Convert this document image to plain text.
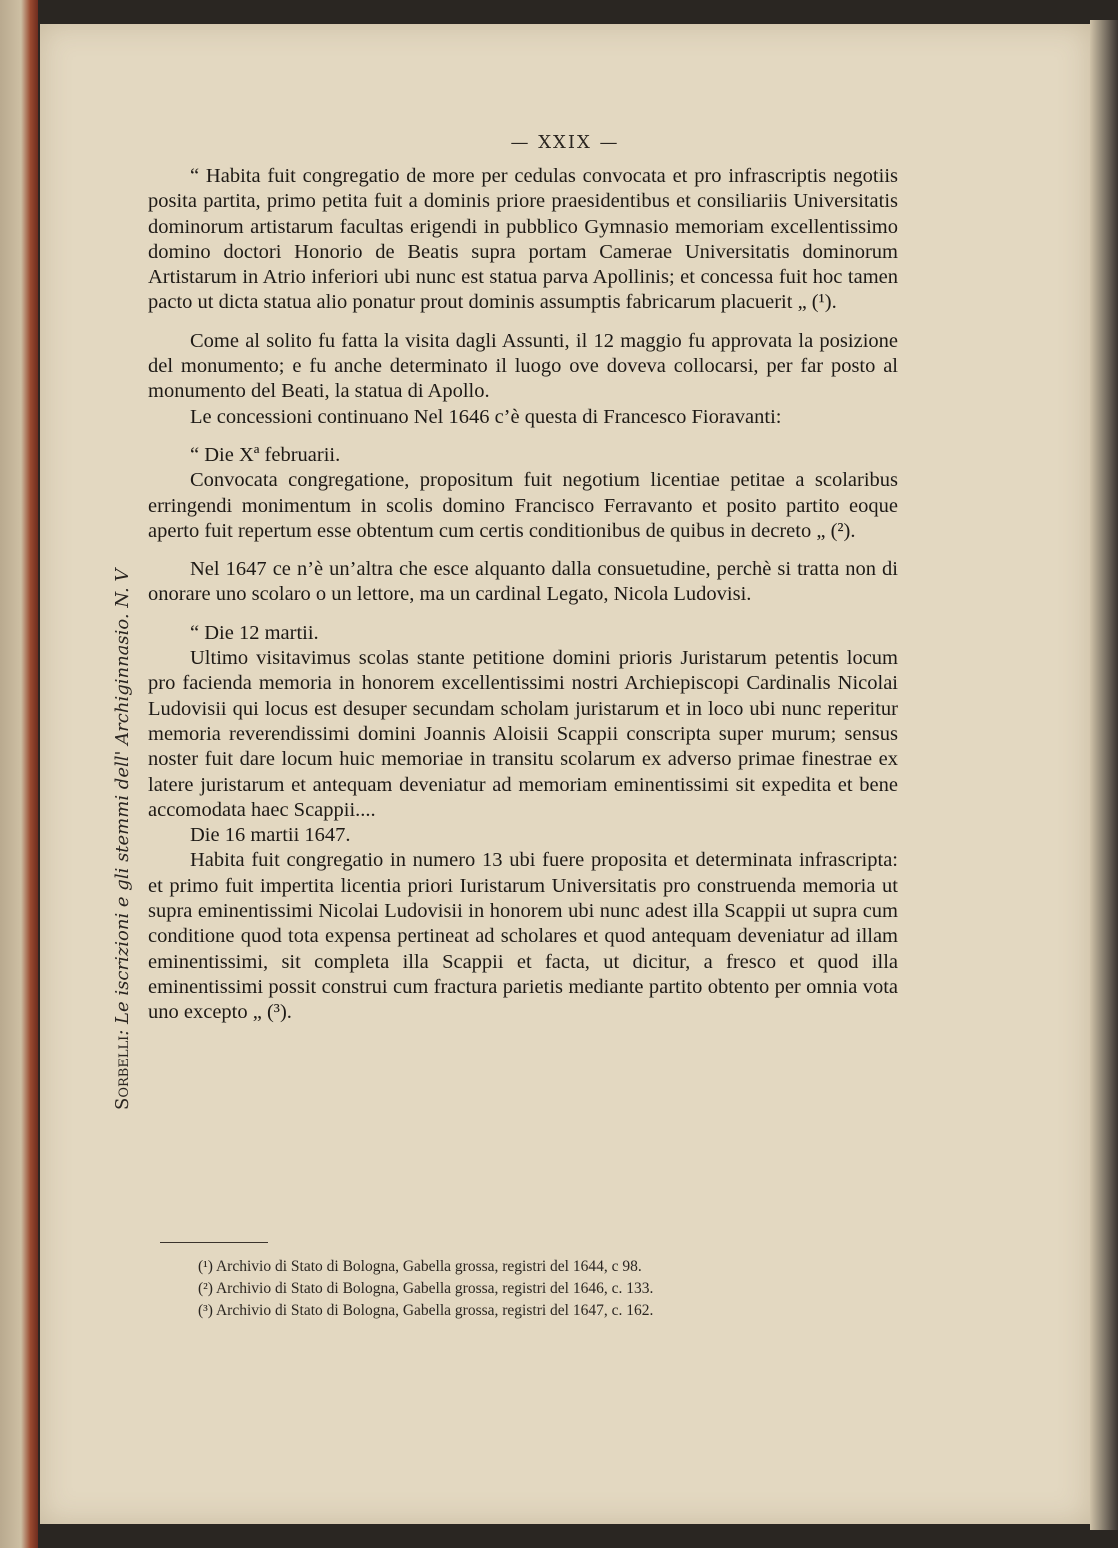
— XXIX —
Sorbelli: Le iscrizioni e gli stemmi dell' Archiginnasio. N. V

“ Habita fuit congregatio de more per cedulas convocata et pro infrascriptis negotiis posita partita, primo petita fuit a dominis priore praesidentibus et consiliariis Universitatis dominorum artistarum facultas erigendi in pubblico Gymnasio memoriam excellentissimo domino doctori Honorio de Beatis supra portam Camerae Universitatis dominorum Artistarum in Atrio inferiori ubi nunc est statua parva Apollinis; et concessa fuit hoc tamen pacto ut dicta statua alio ponatur prout dominis assumptis fabricarum placuerit „ (¹).

Come al solito fu fatta la visita dagli Assunti, il 12 maggio fu approvata la posizione del monumento; e fu anche determinato il luogo ove doveva collocarsi, per far posto al monumento del Beati, la statua di Apollo.

Le concessioni continuano Nel 1646 c’è questa di Francesco Fioravanti:

“ Die Xª februarii.

Convocata congregatione, propositum fuit negotium licentiae petitae a scolaribus erringendi monimentum in scolis domino Francisco Ferravanto et posito partito eoque aperto fuit repertum esse obtentum cum certis conditionibus de quibus in decreto „ (²).

Nel 1647 ce n’è un’altra che esce alquanto dalla consuetudine, perchè si tratta non di onorare uno scolaro o un lettore, ma un cardinal Legato, Nicola Ludovisi.

“ Die 12 martii.

Ultimo visitavimus scolas stante petitione domini prioris Juristarum petentis locum pro facienda memoria in honorem excellentissimi nostri Archiepiscopi Cardinalis Nicolai Ludovisii qui locus est desuper secundam scholam juristarum et in loco ubi nunc reperitur memoria reverendissimi domini Joannis Aloisii Scappii conscripta super murum; sensus noster fuit dare locum huic memoriae in transitu scolarum ex adverso primae finestrae ex latere juristarum et antequam deveniatur ad memoriam eminentissimi sit expedita et bene accomodata haec Scappii....

Die 16 martii 1647.

Habita fuit congregatio in numero 13 ubi fuere proposita et determinata infrascripta: et primo fuit impertita licentia priori Iuristarum Universitatis pro construenda memoria ut supra eminentissimi Nicolai Ludovisii in honorem ubi nunc adest illa Scappii ut supra cum conditione quod tota expensa pertineat ad scholares et quod antequam deveniatur ad illam eminentissimi, sit completa illa Scappii et facta, ut dicitur, a fresco et quod illa eminentissimi possit construi cum fractura parietis mediante partito obtento per omnia vota uno excepto „ (³).

(¹) Archivio di Stato di Bologna, Gabella grossa, registri del 1644, c 98.
(²) Archivio di Stato di Bologna, Gabella grossa, registri del 1646, c. 133.
(³) Archivio di Stato di Bologna, Gabella grossa, registri del 1647, c. 162.
